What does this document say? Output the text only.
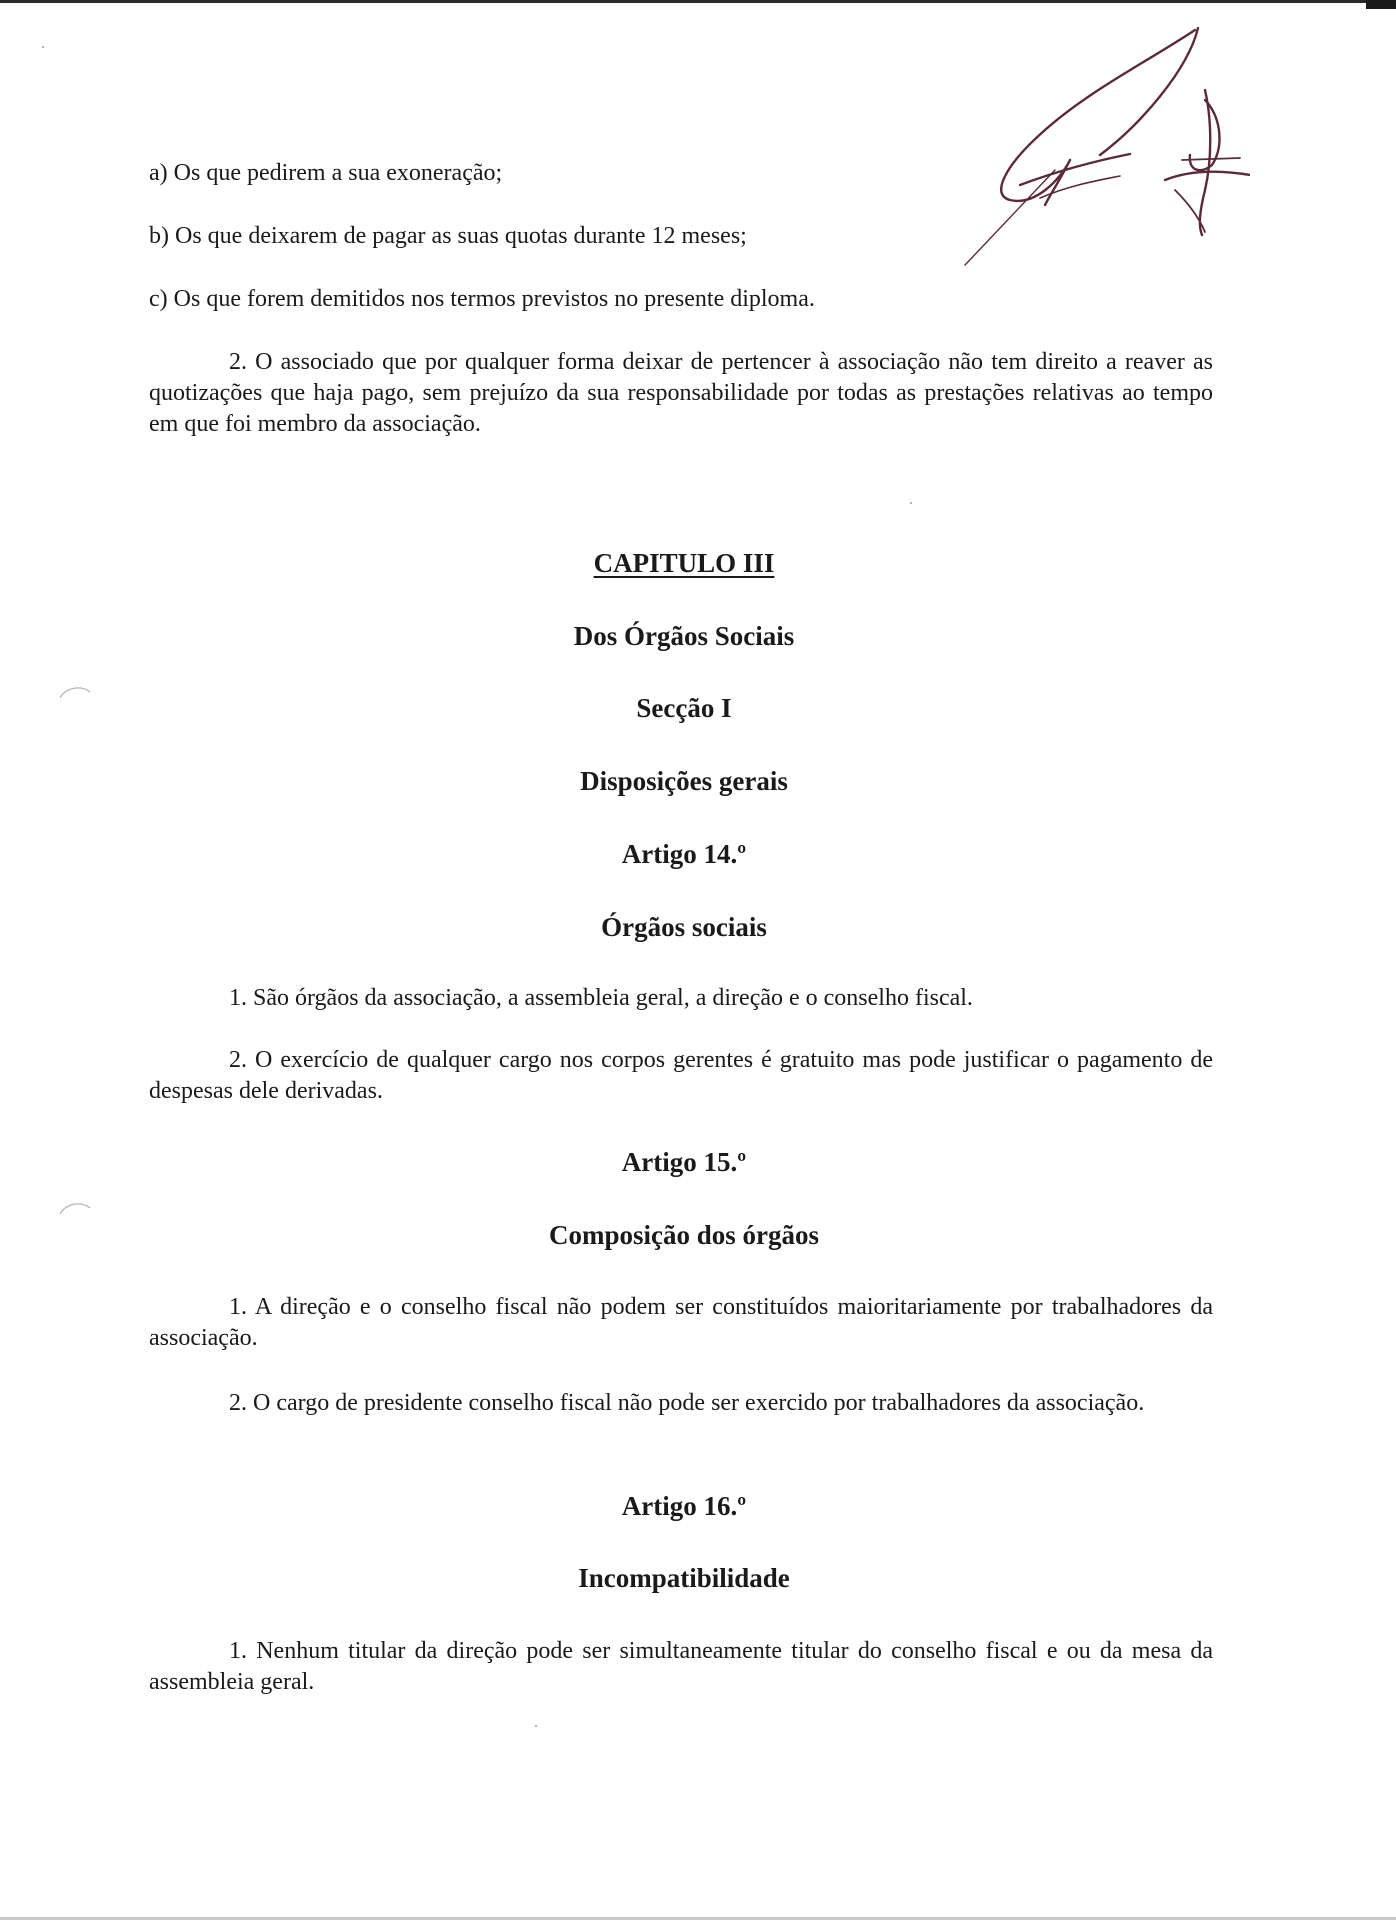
a) Os que pedirem a sua exoneração;
b) Os que deixarem de pagar as suas quotas durante 12 meses;
c) Os que forem demitidos nos termos previstos no presente diploma.
2. O associado que por qualquer forma deixar de pertencer à associação não tem direito a reaver as quotizações que haja pago, sem prejuízo da sua responsabilidade por todas as prestações relativas ao tempo em que foi membro da associação.
CAPITULO III
Dos Órgãos Sociais
Secção I
Disposições gerais
Artigo 14.º
Órgãos sociais
1. São órgãos da associação, a assembleia geral, a direção e o conselho fiscal.
2. O exercício de qualquer cargo nos corpos gerentes é gratuito mas pode justificar o pagamento de despesas dele derivadas.
Artigo 15.º
Composição dos órgãos
1. A direção e o conselho fiscal não podem ser constituídos maioritariamente por trabalhadores da associação.
2. O cargo de presidente conselho fiscal não pode ser exercido por trabalhadores da associação.
Artigo 16.º
Incompatibilidade
1. Nenhum titular da direção pode ser simultaneamente titular do conselho fiscal e ou da mesa da assembleia geral.
